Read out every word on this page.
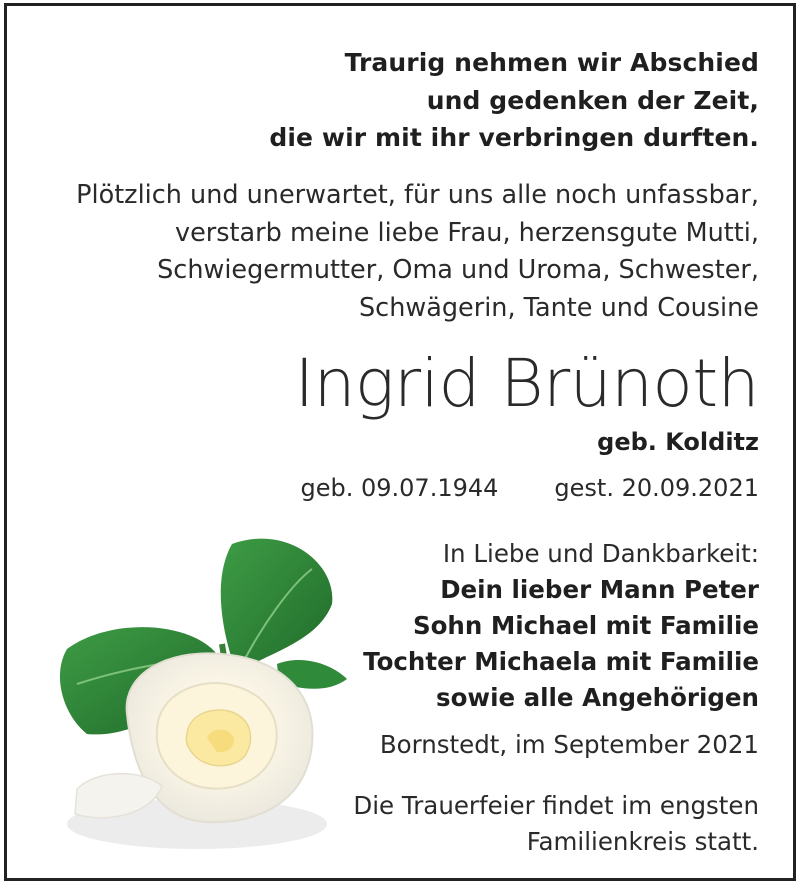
Traurig nehmen wir Abschied
und gedenken der Zeit,
die wir mit ihr verbringen durften.
Plötzlich und unerwartet, für uns alle noch unfassbar,
verstarb meine liebe Frau, herzensgute Mutti,
Schwiegermutter, Oma und Uroma, Schwester,
Schwägerin, Tante und Cousine
Ingrid Brünoth
geb. Kolditz
geb. 09.07.1944 gest. 20.09.2021
In Liebe und Dankbarkeit:
Dein lieber Mann Peter
Sohn Michael mit Familie
Tochter Michaela mit Familie
sowie alle Angehörigen
Bornstedt, im September 2021
Die Trauerfeier findet im engsten
Familienkreis statt.
